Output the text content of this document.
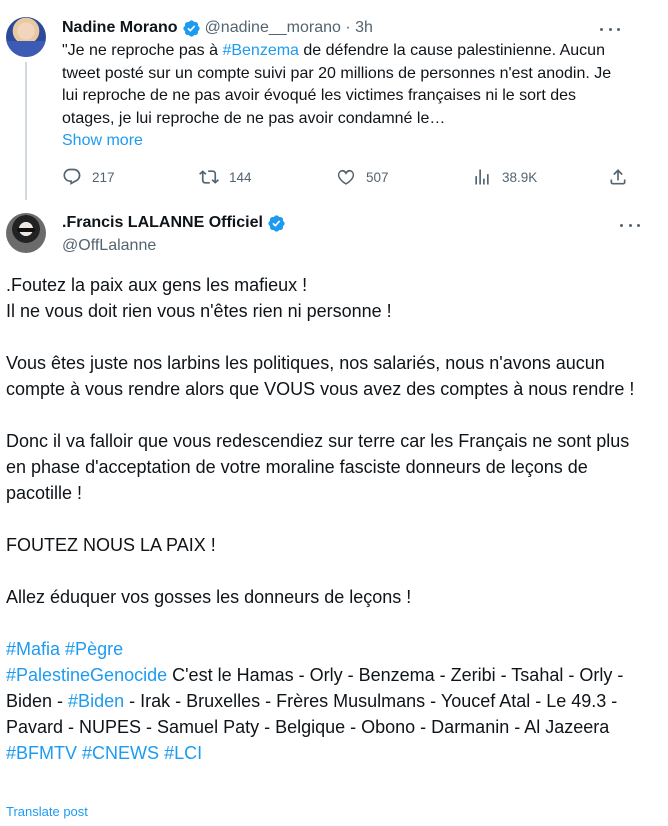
Nadine Morano @nadine__morano · 3h
"Je ne reproche pas à #Benzema de défendre la cause palestinienne. Aucun tweet posté sur un compte suivi par 20 millions de personnes n'est anodin. Je lui reproche de ne pas avoir évoqué les victimes françaises ni le sort des otages, je lui reproche de ne pas avoir condamné le…
Show more
217	144	507	38.9K
.Francis LALANNE Officiel
@OffLalanne

.Foutez la paix aux gens les mafieux !

Il ne vous doit rien vous n'êtes rien ni personne !

Vous êtes juste nos larbins les politiques, nos salariés, nous n'avons aucun compte à vous rendre alors que VOUS vous avez des comptes à nous rendre !

Donc il va falloir que vous redescendiez sur terre car les Français ne sont plus en phase d'acceptation de votre moraline fasciste donneurs de leçons de pacotille !

FOUTEZ NOUS LA PAIX !

Allez éduquer vos gosses les donneurs de leçons !

#Mafia #Pègre

#PalestineGenocide C'est le Hamas - Orly - Benzema - Zeribi - Tsahal - Orly - Biden - #Biden - Irak - Bruxelles - Frères Musulmans - Youcef Atal - Le 49.3 - Pavard - NUPES - Samuel Paty - Belgique - Obono - Darmanin - Al Jazeera #BFMTV #CNEWS #LCI

Translate post
